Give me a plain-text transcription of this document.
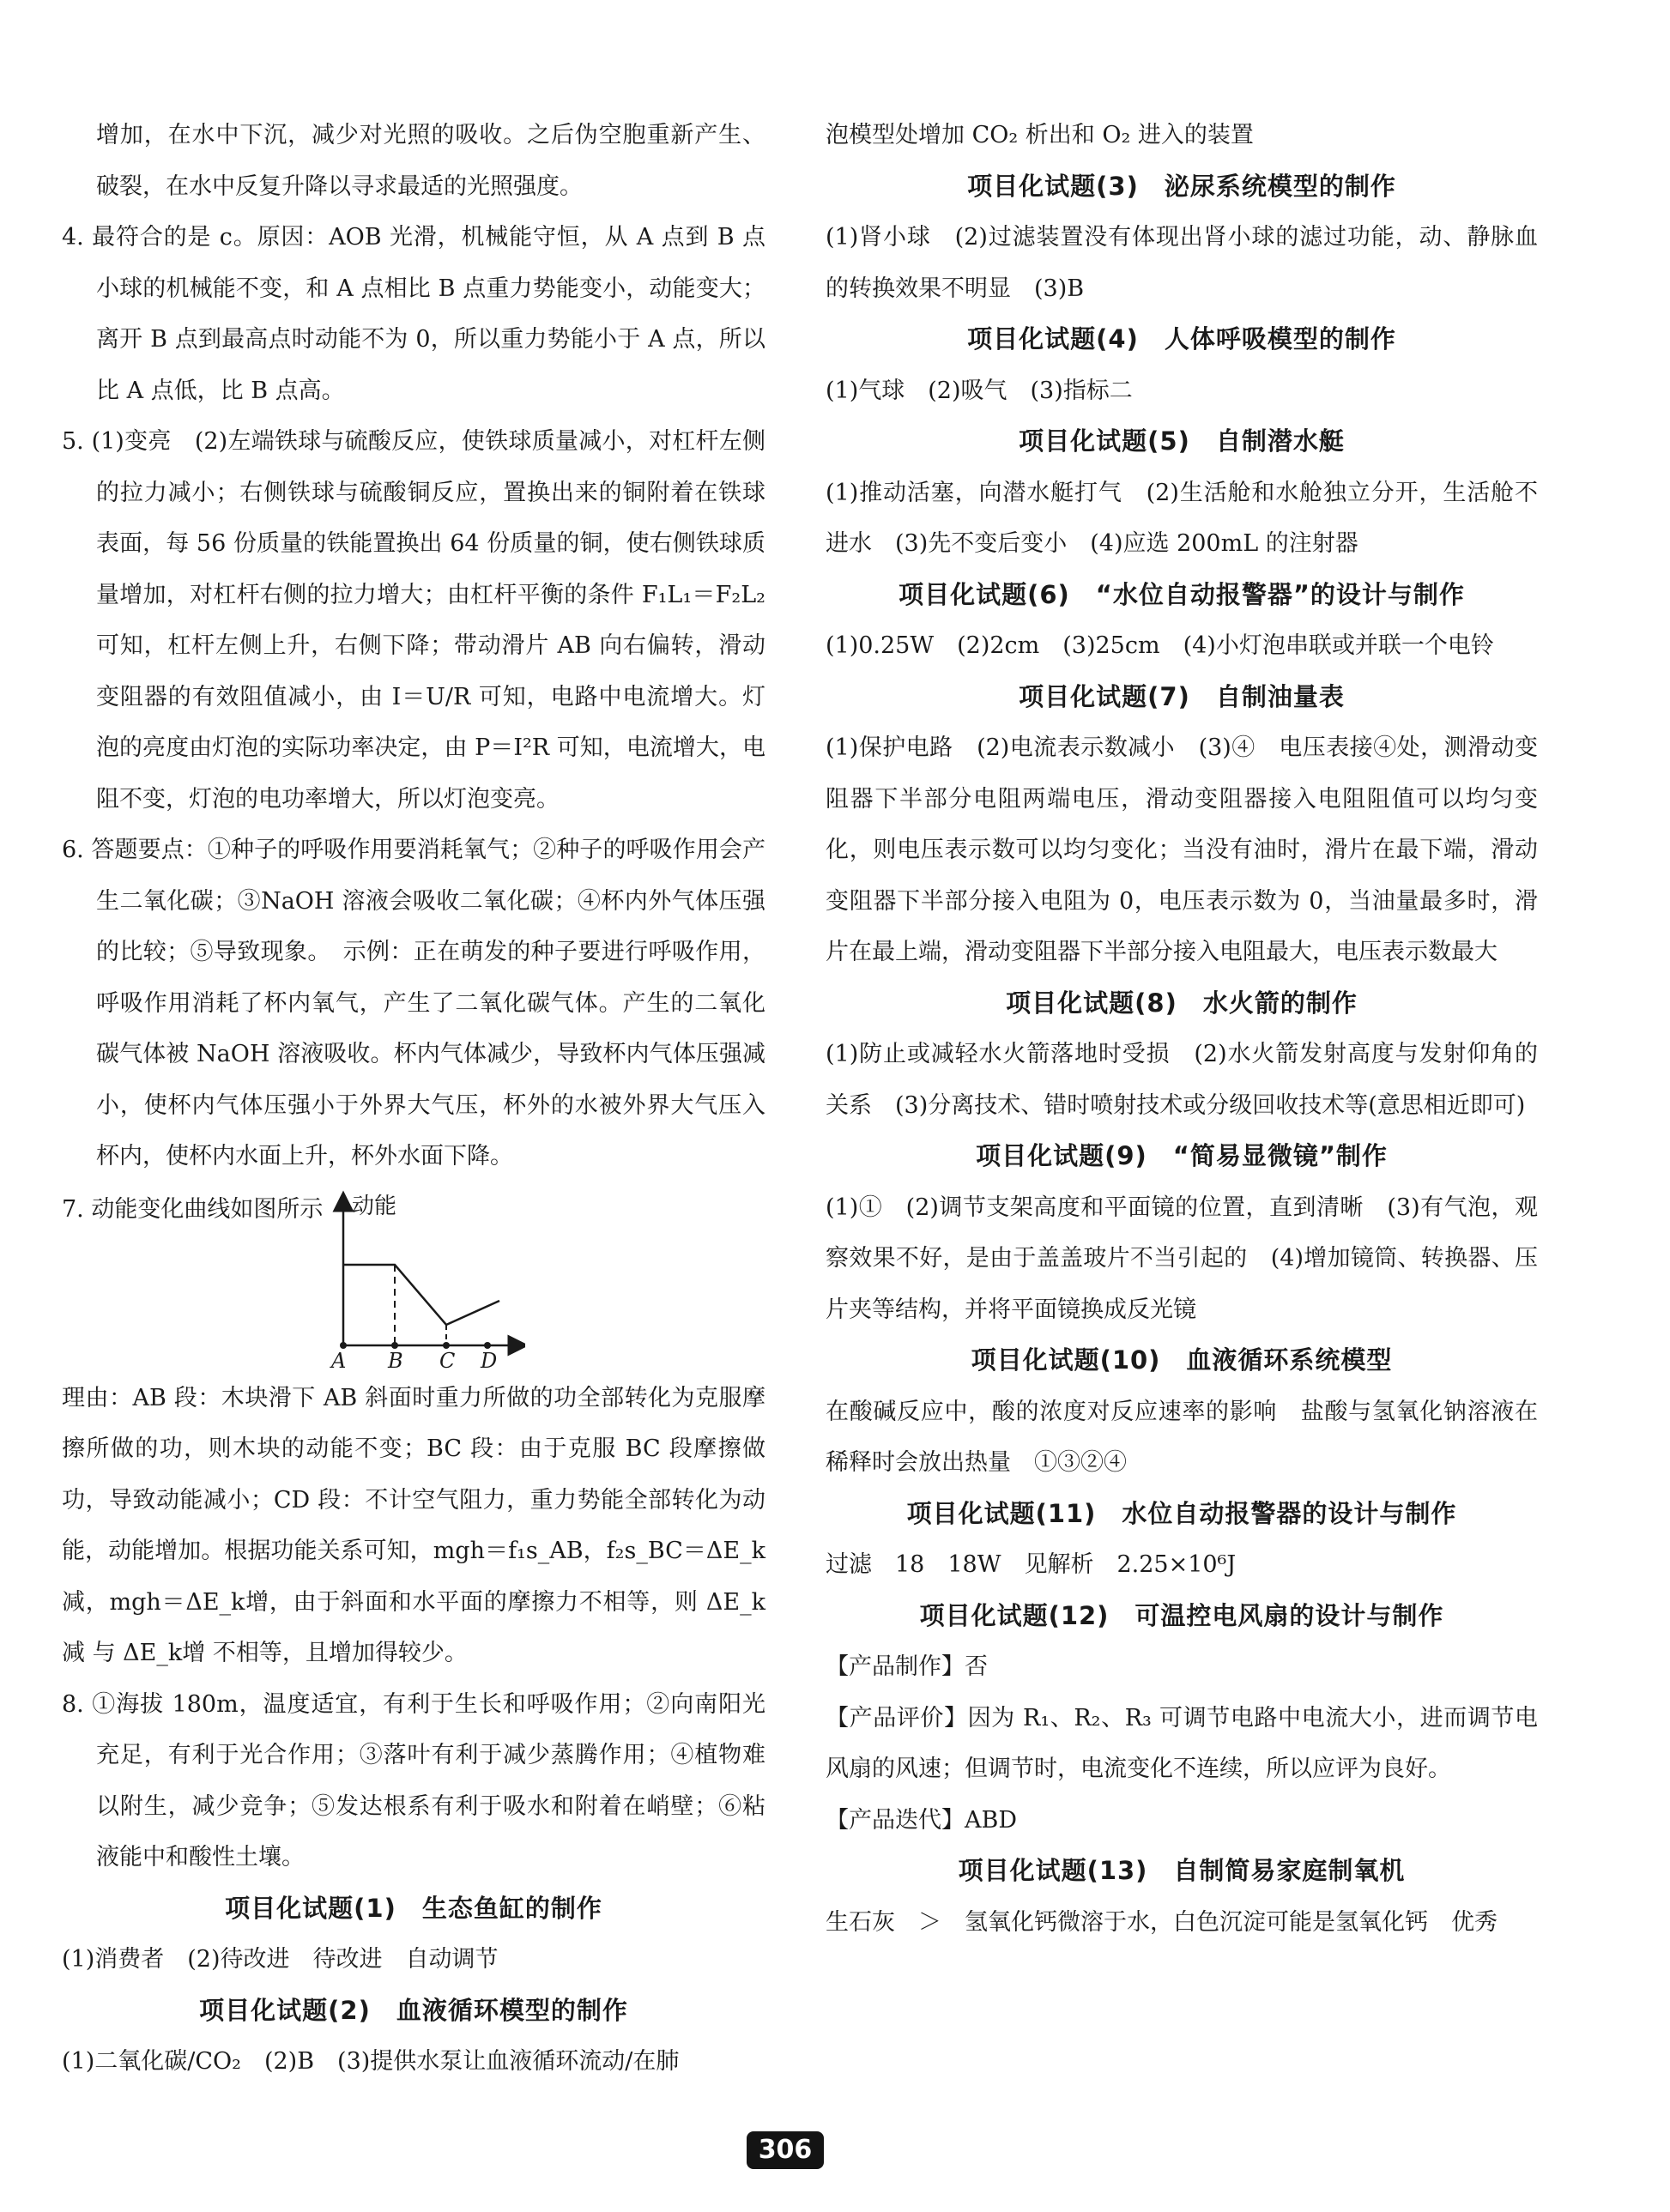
增加，在水中下沉，减少对光照的吸收。之后伪空胞重新产生、破裂，在水中反复升降以寻求最适的光照强度。

4. 最符合的是 c。原因：AOB 光滑，机械能守恒，从 A 点到 B 点小球的机械能不变，和 A 点相比 B 点重力势能变小，动能变大；离开 B 点到最高点时动能不为 0，所以重力势能小于 A 点，所以比 A 点低，比 B 点高。

5. (1)变亮　(2)左端铁球与硫酸反应，使铁球质量减小，对杠杆左侧的拉力减小；右侧铁球与硫酸铜反应，置换出来的铜附着在铁球表面，每 56 份质量的铁能置换出 64 份质量的铜，使右侧铁球质量增加，对杠杆右侧的拉力增大；由杠杆平衡的条件 F₁L₁＝F₂L₂ 可知，杠杆左侧上升，右侧下降；带动滑片 AB 向右偏转，滑动变阻器的有效阻值减小，由 I＝U/R 可知，电路中电流增大。灯泡的亮度由灯泡的实际功率决定，由 P＝I²R 可知，电流增大，电阻不变，灯泡的电功率增大，所以灯泡变亮。

6. 答题要点：①种子的呼吸作用要消耗氧气；②种子的呼吸作用会产生二氧化碳；③NaOH 溶液会吸收二氧化碳；④杯内外气体压强的比较；⑤导致现象。　示例：正在萌发的种子要进行呼吸作用，呼吸作用消耗了杯内氧气，产生了二氧化碳气体。产生的二氧化碳气体被 NaOH 溶液吸收。杯内气体减少，导致杯内气体压强减小，使杯内气体压强小于外界大气压，杯外的水被外界大气压入杯内，使杯内水面上升，杯外水面下降。

7. 动能变化曲线如图所示 动能
A B C D

理由：AB 段：木块滑下 AB 斜面时重力所做的功全部转化为克服摩擦所做的功，则木块的动能不变；BC 段：由于克服 BC 段摩擦做功，导致动能减小；CD 段：不计空气阻力，重力势能全部转化为动能，动能增加。根据功能关系可知，mgh＝f₁s_AB，f₂s_BC＝ΔE_k减，mgh＝ΔE_k增，由于斜面和水平面的摩擦力不相等，则 ΔE_k减 与 ΔE_k增 不相等，且增加得较少。

8. ①海拔 180m，温度适宜，有利于生长和呼吸作用；②向南阳光充足，有利于光合作用；③落叶有利于减少蒸腾作用；④植物难以附生，减少竞争；⑤发达根系有利于吸水和附着在峭壁；⑥粘液能中和酸性土壤。

项目化试题(1)　生态鱼缸的制作

(1)消费者　(2)待改进　待改进　自动调节

项目化试题(2)　血液循环模型的制作

(1)二氧化碳/CO₂　(2)B　(3)提供水泵让血液循环流动/在肺

泡模型处增加 CO₂ 析出和 O₂ 进入的装置

项目化试题(3)　泌尿系统模型的制作

(1)肾小球　(2)过滤装置没有体现出肾小球的滤过功能，动、静脉血的转换效果不明显　(3)B

项目化试题(4)　人体呼吸模型的制作

(1)气球　(2)吸气　(3)指标二

项目化试题(5)　自制潜水艇

(1)推动活塞，向潜水艇打气　(2)生活舱和水舱独立分开，生活舱不进水　(3)先不变后变小　(4)应选 200mL 的注射器

项目化试题(6)　“水位自动报警器”的设计与制作

(1)0.25W　(2)2cm　(3)25cm　(4)小灯泡串联或并联一个电铃

项目化试题(7)　自制油量表

(1)保护电路　(2)电流表示数减小　(3)④　电压表接④处，测滑动变阻器下半部分电阻两端电压，滑动变阻器接入电阻阻值可以均匀变化，则电压表示数可以均匀变化；当没有油时，滑片在最下端，滑动变阻器下半部分接入电阻为 0，电压表示数为 0，当油量最多时，滑片在最上端，滑动变阻器下半部分接入电阻最大，电压表示数最大

项目化试题(8)　水火箭的制作

(1)防止或减轻水火箭落地时受损　(2)水火箭发射高度与发射仰角的关系　(3)分离技术、错时喷射技术或分级回收技术等(意思相近即可)

项目化试题(9)　“简易显微镜”制作

(1)①　(2)调节支架高度和平面镜的位置，直到清晰　(3)有气泡，观察效果不好，是由于盖盖玻片不当引起的　(4)增加镜筒、转换器、压片夹等结构，并将平面镜换成反光镜

项目化试题(10)　血液循环系统模型

在酸碱反应中，酸的浓度对反应速率的影响　盐酸与氢氧化钠溶液在稀释时会放出热量　①③②④

项目化试题(11)　水位自动报警器的设计与制作

过滤　18　18W　见解析　2.25×10⁶J

项目化试题(12)　可温控电风扇的设计与制作

【产品制作】否

【产品评价】因为 R₁、R₂、R₃ 可调节电路中电流大小，进而调节电风扇的风速；但调节时，电流变化不连续，所以应评为良好。

【产品迭代】ABD

项目化试题(13)　自制简易家庭制氧机

生石灰　＞　氢氧化钙微溶于水，白色沉淀可能是氢氧化钙　优秀

306
